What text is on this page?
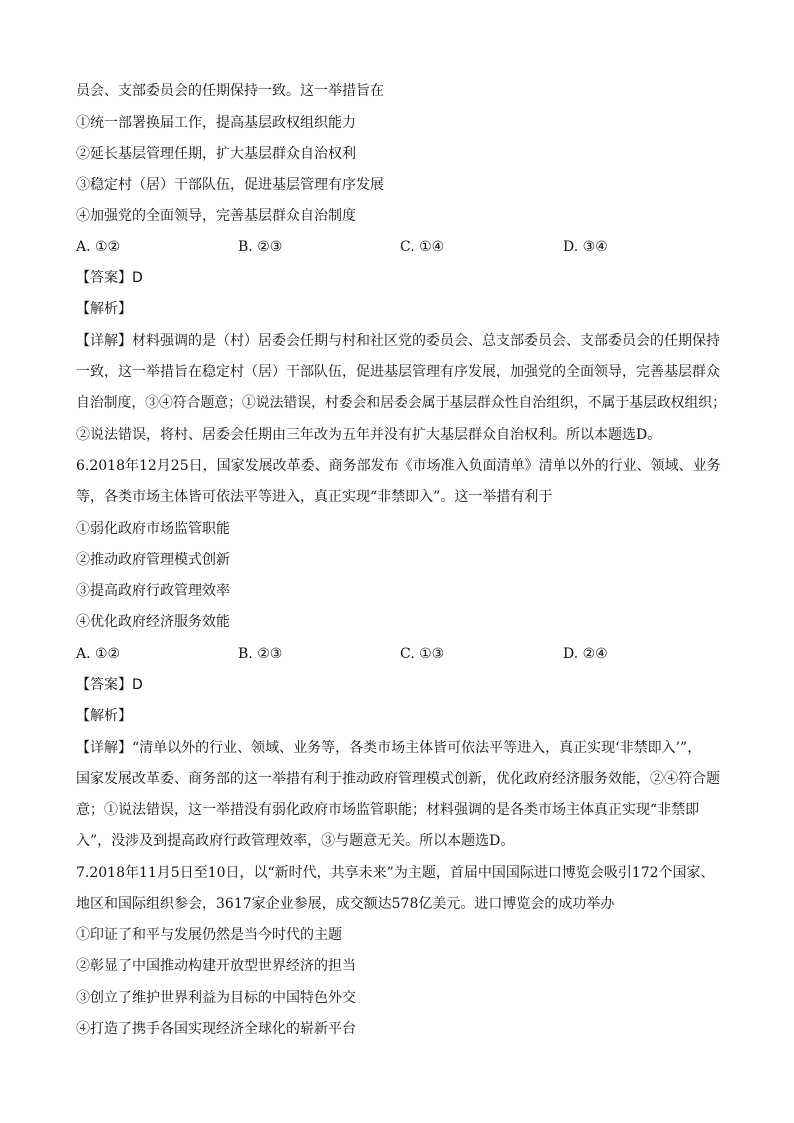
员会、支部委员会的任期保持一致。这一举措旨在
①统一部署换届工作，提高基层政权组织能力
②延长基层管理任期，扩大基层群众自治权利
③稳定村（居）干部队伍，促进基层管理有序发展
④加强党的全面领导，完善基层群众自治制度
A. ①②	B. ②③	C. ①④	D. ③④
【答案】D
【解析】
【详解】材料强调的是（村）居委会任期与村和社区党的委员会、总支部委员会、支部委员会的任期保持
一致，这一举措旨在稳定村（居）干部队伍，促进基层管理有序发展，加强党的全面领导，完善基层群众
自治制度，③④符合题意；①说法错误，村委会和居委会属于基层群众性自治组织，不属于基层政权组织；
②说法错误，将村、居委会任期由三年改为五年并没有扩大基层群众自治权利。所以本题选D。
6.2018年12月25日，国家发展改革委、商务部发布《市场准入负面清单》清单以外的行业、领域、业务
等，各类市场主体皆可依法平等进入，真正实现“非禁即入”。这一举措有利于
①弱化政府市场监管职能
②推动政府管理模式创新
③提高政府行政管理效率
④优化政府经济服务效能
A. ①②	B. ②③	C. ①③	D. ②④
【答案】D
【解析】
【详解】“清单以外的行业、领域、业务等，各类市场主体皆可依法平等进入，真正实现‘非禁即入’”，
国家发展改革委、商务部的这一举措有利于推动政府管理模式创新，优化政府经济服务效能，②④符合题
意；①说法错误，这一举措没有弱化政府市场监管职能；材料强调的是各类市场主体真正实现“非禁即
入”，没涉及到提高政府行政管理效率，③与题意无关。所以本题选D。
7.2018年11月5日至10日，以“新时代，共享未来”为主题，首届中国国际进口博览会吸引172个国家、
地区和国际组织参会，3617家企业参展，成交额达578亿美元。进口博览会的成功举办
①印证了和平与发展仍然是当今时代的主题
②彰显了中国推动构建开放型世界经济的担当
③创立了维护世界利益为目标的中国特色外交
④打造了携手各国实现经济全球化的崭新平台
